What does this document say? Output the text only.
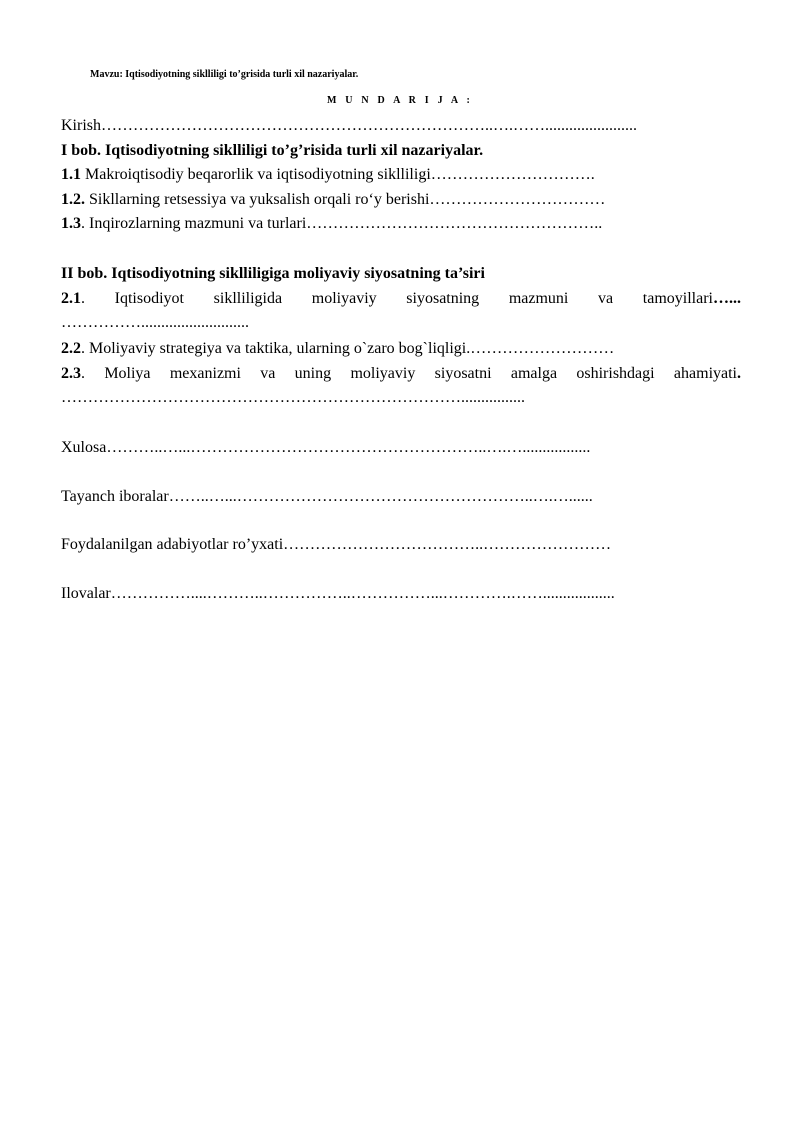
Mavzu: Iqtisodiyotning siklliligi to’grisida turli xil nazariyalar.
M U N D A R I J A :
Kirish………………………………………………………………..….…….......................
I bob. Iqtisodiyotning siklliligi to’g’risida turli xil nazariyalar.
1.1 Makroiqtisodiy beqarorlik va iqtisodiyotning siklliligi………………………….
1.2. Sikllarning retsessiya va yuksalish orqali ro‘y berishi……………………………
1.3. Inqirozlarning mazmuni va turlari………………………………………………..
II bob. Iqtisodiyotning siklliligiga moliyaviy siyosatning ta’siri
2.1. Iqtisodiyot siklliligida moliyaviy siyosatning mazmuni va tamoyillari…...
……………...........................
2.2. Moliyaviy strategiya va taktika, ularning o`zaro bog`liqligi.………………………
2.3. Moliya mexanizmi va uning moliyaviy siyosatni amalga oshirishdagi ahamiyati.
…………………………………………………………………................
Xulosa………..…...………………………………………………..….….................
Tayanch iboralar……..…...………………………………………………..….…......
Foydalanilgan adabiyotlar ro’yxati………………………………..……………………
Ilovalar……………....………..……………..……………...………….……..................
